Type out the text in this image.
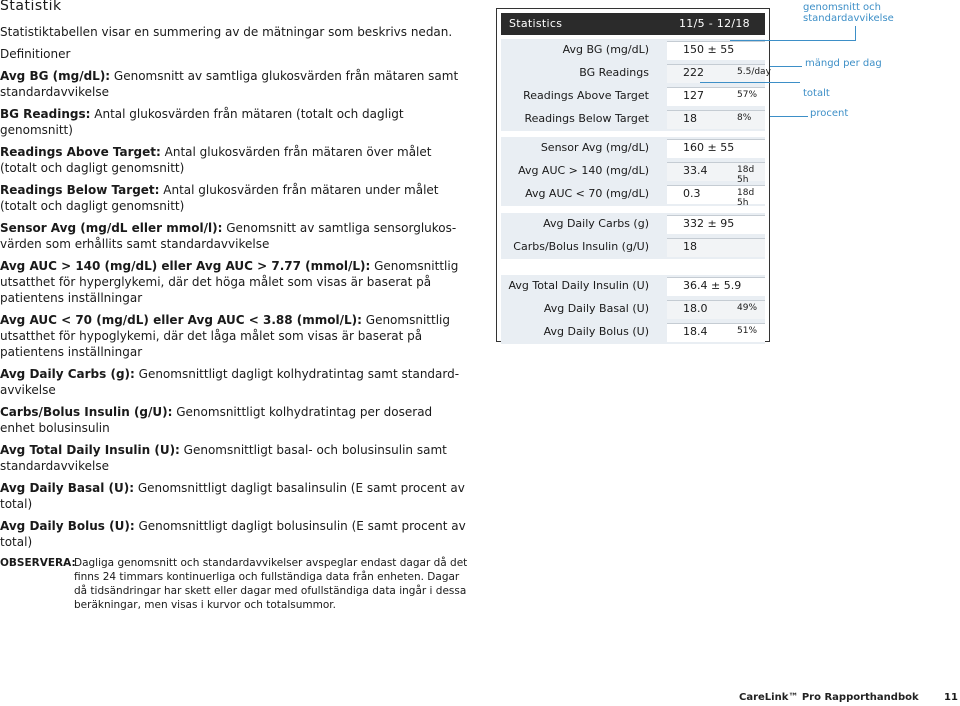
Statistik

Statistiktabellen visar en summering av de mätningar som beskrivs nedan.

Definitioner

Avg BG (mg/dL): Genomsnitt av samtliga glukosvärden från mätaren samt standardavvikelse

BG Readings: Antal glukosvärden från mätaren (totalt och dagligt genomsnitt)

Readings Above Target: Antal glukosvärden från mätaren över målet (totalt och dagligt genomsnitt)

Readings Below Target: Antal glukosvärden från mätaren under målet (totalt och dagligt genomsnitt)

Sensor Avg (mg/dL eller mmol/l): Genomsnitt av samtliga sensorglukosvärden som erhållits samt standardavvikelse

Avg AUC > 140 (mg/dL) eller Avg AUC > 7.77 (mmol/L): Genomsnittlig utsatthet för hyperglykemi, där det höga målet som visas är baserat på patientens inställningar

Avg AUC < 70 (mg/dL) eller Avg AUC < 3.88 (mmol/L): Genomsnittlig utsatthet för hypoglykemi, där det låga målet som visas är baserat på patientens inställningar

Avg Daily Carbs (g): Genomsnittligt dagligt kolhydratintag samt standardavvikelse

Carbs/Bolus Insulin (g/U): Genomsnittligt kolhydratintag per doserad enhet bolusinsulin

Avg Total Daily Insulin (U): Genomsnittligt basal- och bolusinsulin samt standardavvikelse

Avg Daily Basal (U): Genomsnittligt dagligt basalinsulin (E samt procent av total)

Avg Daily Bolus (U): Genomsnittligt dagligt bolusinsulin (E samt procent av total)

OBSERVERA:
Dagliga genomsnitt och standardavvikelser avspeglar endast dagar då det finns 24 timmars kontinuerliga och fullständiga data från enheten. Dagar då tidsändringar har skett eller dagar med ofullständiga data ingår i dessa beräkningar, men visas i kurvor och totalsummor.
Statistics	11/5 - 12/18
Avg BG (mg/dL)	150 ± 55
BG Readings	222	5.5/day
Readings Above Target	127	57%
Readings Below Target	18	8%
Sensor Avg (mg/dL)	160 ± 55
Avg AUC > 140 (mg/dL)	33.4	18d 5h
Avg AUC < 70 (mg/dL)	0.3	18d 5h
Avg Daily Carbs (g)	332 ± 95
Carbs/Bolus Insulin (g/U)	18
Avg Total Daily Insulin (U)	36.4 ± 5.9
Avg Daily Basal (U)	18.0	49%
Avg Daily Bolus (U)	18.4	51%
genomsnitt och standardavvikelse
mängd per dag
totalt
procent
CareLink™ Pro Rapporthandbok	11
